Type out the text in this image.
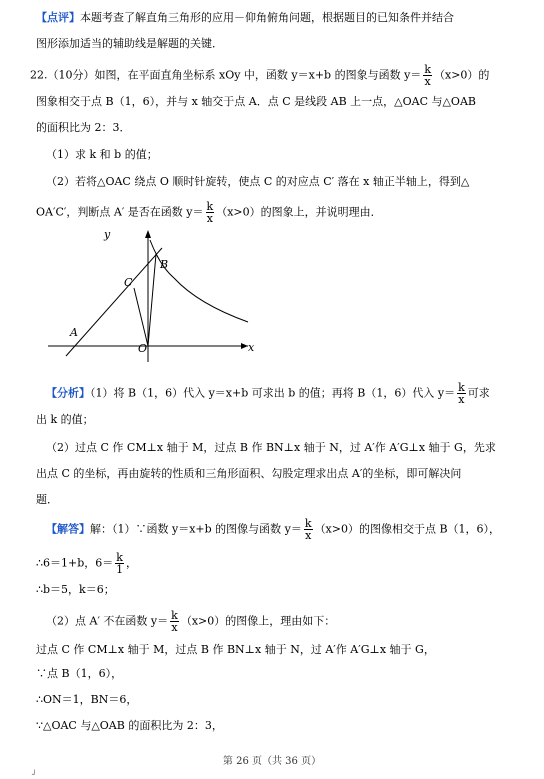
【点评】本题考查了解直角三角形的应用－仰角俯角问题，根据题目的已知条件并结合
图形添加适当的辅助线是解题的关键．
22.（10分）如图，在平面直角坐标系 xOy 中，函数 y＝x+b 的图象与函数 $y= \frac{k}{x} (x>0)$的
图象相交于点 B（1，6），并与 x 轴交于点 A．点 C 是线段 AB 上一点，△OAC 与△OAB
的面积比为 2：3．
（1）求 k 和 b 的值；
（2）若将△OAC 绕点 O 顺时针旋转，使点 C 的对应点 C′ 落在 x 轴正半轴上，得到△
OA′C′，判断点 A′ 是否在函数 $y= \frac{k}{x} (x>0)$的图象上，并说明理由．
y
x
O
A
B
C
【分析】（1）将 B（1，6）代入 y＝x+b 可求出 b 的值；再将 B（1，6）代入 $y= \frac{k}{x}$ 可求
出 k 的值；
（2）过点 C 作 CM⊥x 轴于 M，过点 B 作 BN⊥x 轴于 N，过 A′作 A′G⊥x 轴于 G，先求
出点 C 的坐标，再由旋转的性质和三角形面积、勾股定理求出点 A′的坐标，即可解决问
题．
【解答】解：（1）∵函数 y＝x+b 的图像与函数 $y= \frac{k}{x} (x>0)$的图像相交于点 B（1，6），
∴6＝1+b，$6= \frac{k}{1}$ ，
∴b＝5，k＝6；
（2）点 A′ 不在函数 $y= \frac{k}{x} (x>0)$的图像上，理由如下：
过点 C 作 CM⊥x 轴于 M，过点 B 作 BN⊥x 轴于 N，过 A′作 A′G⊥x 轴于 G，
∵点 B（1，6），
∴ON＝1，BN＝6，
∵△OAC 与△OAB 的面积比为 2：3，
第 26 页（共 36 页）
┘
